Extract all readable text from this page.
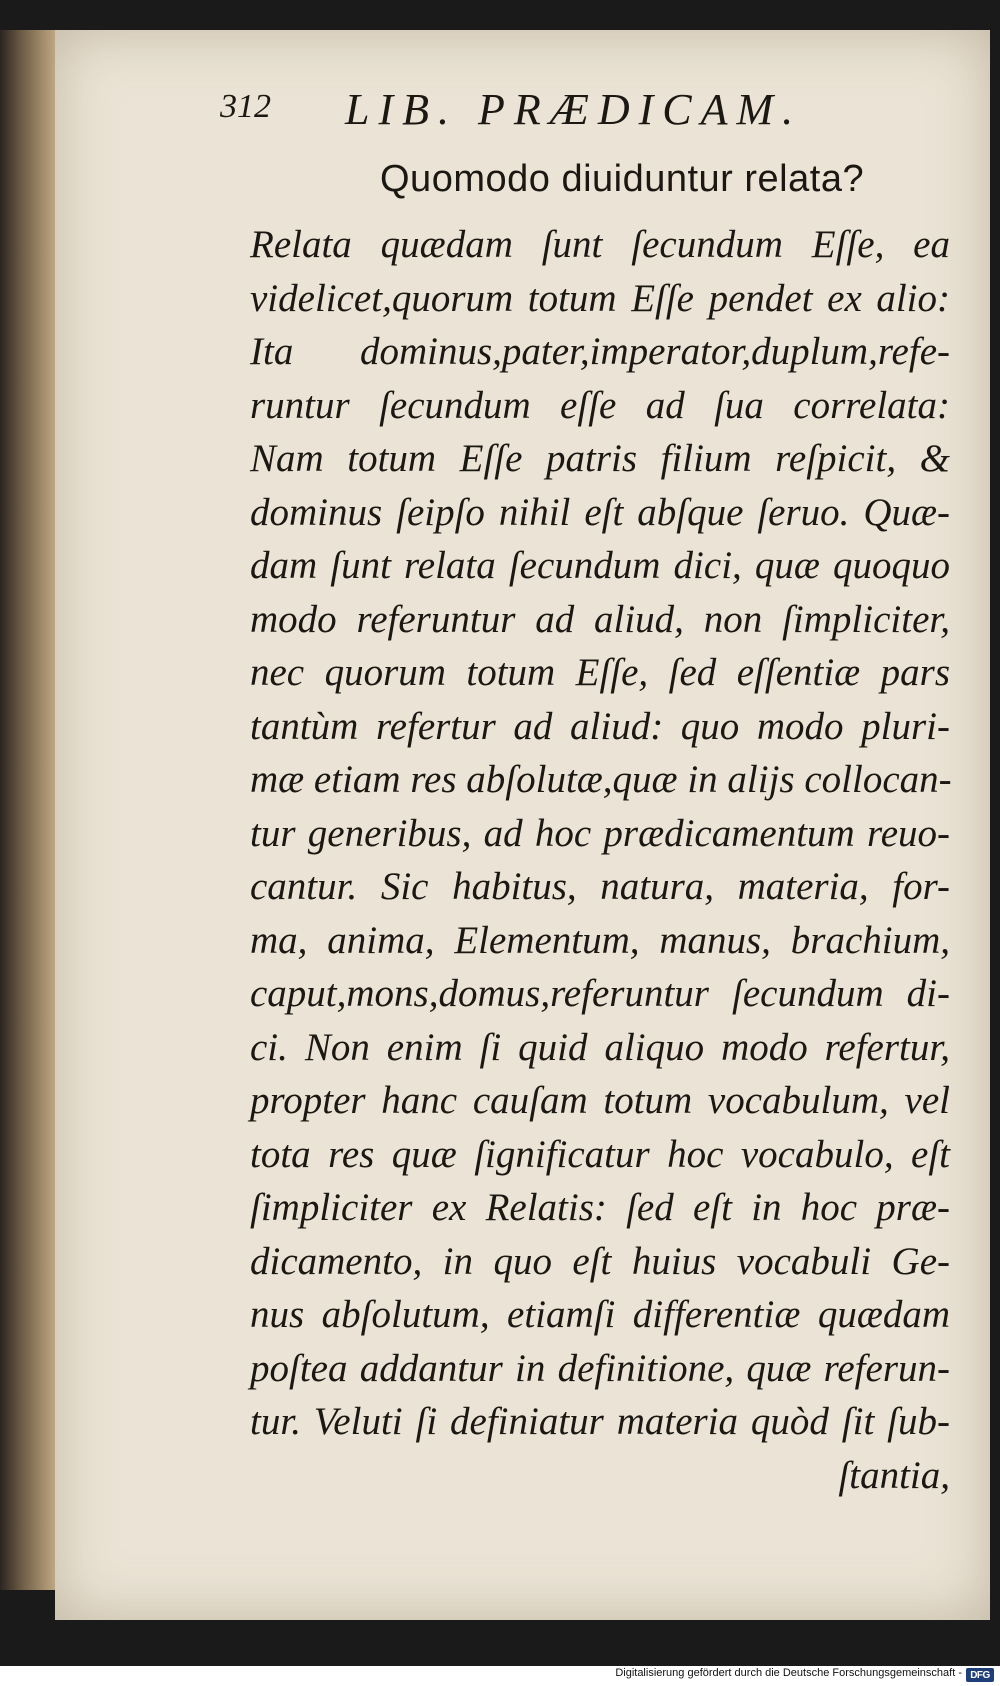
312 LIB. PRÆDICAM.
Quomodo diuiduntur relata?
Relata quædam ſunt ſecundum Eſſe, ea
videlicet,quorum totum Eſſe pendet ex alio:
Ita dominus,pater,imperator,duplum,refe-
runtur ſecundum eſſe ad ſua correlata:
Nam totum Eſſe patris filium reſpicit, &
dominus ſeipſo nihil eſt abſque ſeruo. Quæ-
dam ſunt relata ſecundum dici, quæ quoquo
modo referuntur ad aliud, non ſimpliciter,
nec quorum totum Eſſe, ſed eſſentiæ pars
tantùm refertur ad aliud: quo modo pluri-
mæ etiam res abſolutæ,quæ in alijs collocan-
tur generibus, ad hoc prædicamentum reuo-
cantur. Sic habitus, natura, materia, for-
ma, anima, Elementum, manus, brachium,
caput,mons,domus,referuntur ſecundum di-
ci. Non enim ſi quid aliquo modo refertur,
propter hanc cauſam totum vocabulum, vel
tota res quæ ſignificatur hoc vocabulo, eſt
ſimpliciter ex Relatis: ſed eſt in hoc præ-
dicamento, in quo eſt huius vocabuli Ge-
nus abſolutum, etiamſi differentiæ quædam
poſtea addantur in definitione, quæ referun-
tur. Veluti ſi definiatur materia quòd ſit ſub-
ſtantia,
Digitalisierung gefördert durch die Deutsche Forschungsgemeinschaft - DFG
